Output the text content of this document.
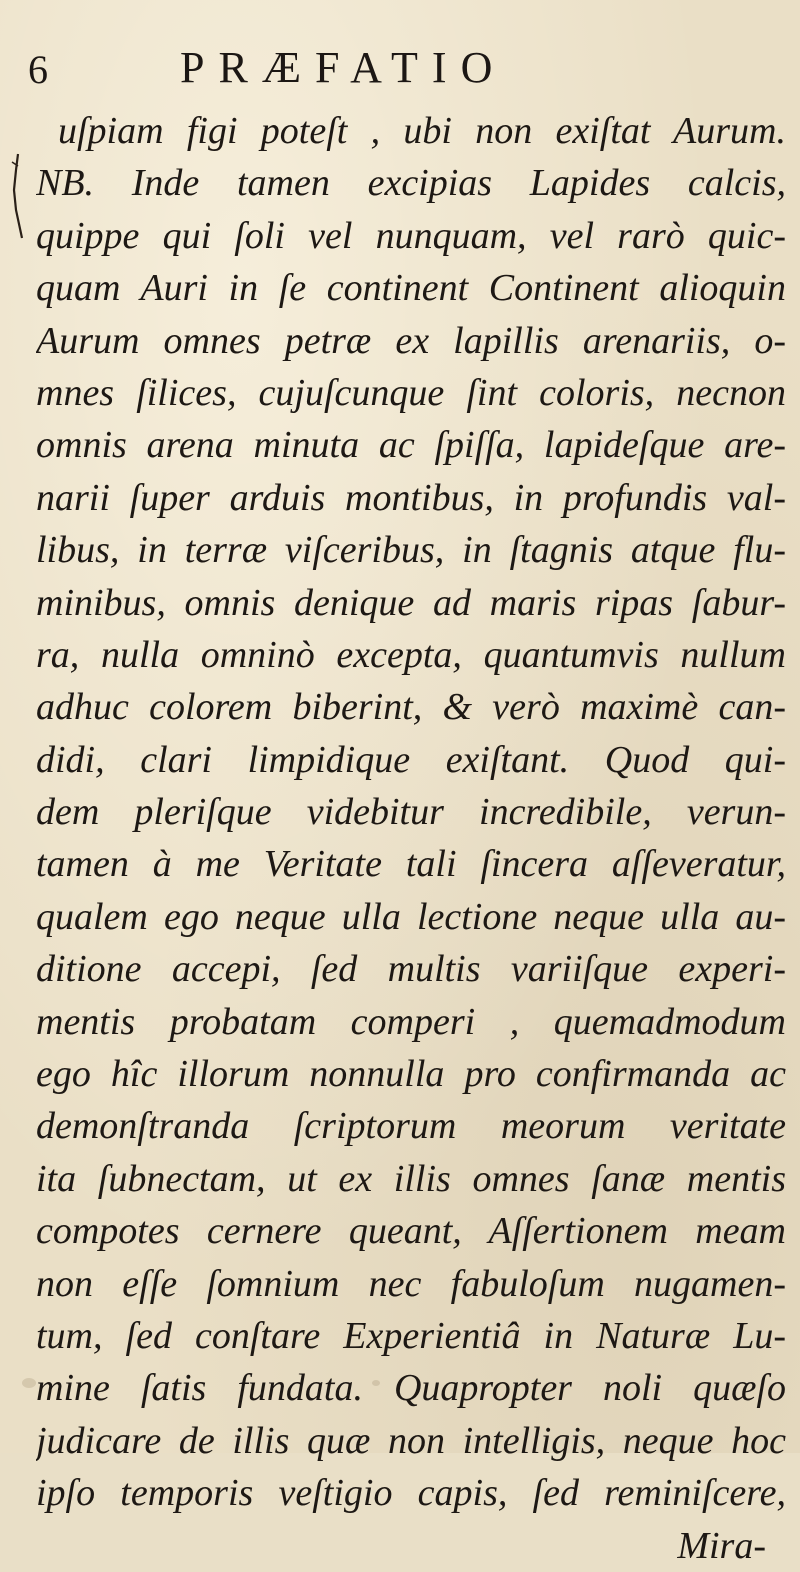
6	PRÆFATIO
uſpiam figi poteſt , ubi non exiſtat Aurum.
NB. Inde tamen excipias Lapides calcis,
quippe qui ſoli vel nunquam, vel rarò quic-
quam Auri in ſe continent Continent alioquin
Aurum omnes petræ ex lapillis arenariis, o-
mnes ſilices, cujuſcunque ſint coloris, necnon
omnis arena minuta ac ſpiſſa, lapideſque are-
narii ſuper arduis montibus, in profundis val-
libus, in terræ viſceribus, in ſtagnis atque flu-
minibus, omnis denique ad maris ripas ſabur-
ra, nulla omninò excepta, quantumvis nullum
adhuc colorem biberint, & verò maximè can-
didi, clari limpidique exiſtant. Quod qui-
dem pleriſque videbitur incredibile, verun-
tamen à me Veritate tali ſincera aſſeveratur,
qualem ego neque ulla lectione neque ulla au-
ditione accepi, ſed multis variiſque experi-
mentis probatam comperi , quemadmodum
ego hîc illorum nonnulla pro confirmanda ac
demonſtranda ſcriptorum meorum veritate
ita ſubnectam, ut ex illis omnes ſanæ mentis
compotes cernere queant, Aſſertionem meam
non eſſe ſomnium nec fabuloſum nugamen-
tum, ſed conſtare Experientiâ in Naturæ Lu-
mine ſatis fundata. Quapropter noli quæſo
judicare de illis quæ non intelligis, neque hoc
ipſo temporis veſtigio capis, ſed reminiſcere,
Mira-
